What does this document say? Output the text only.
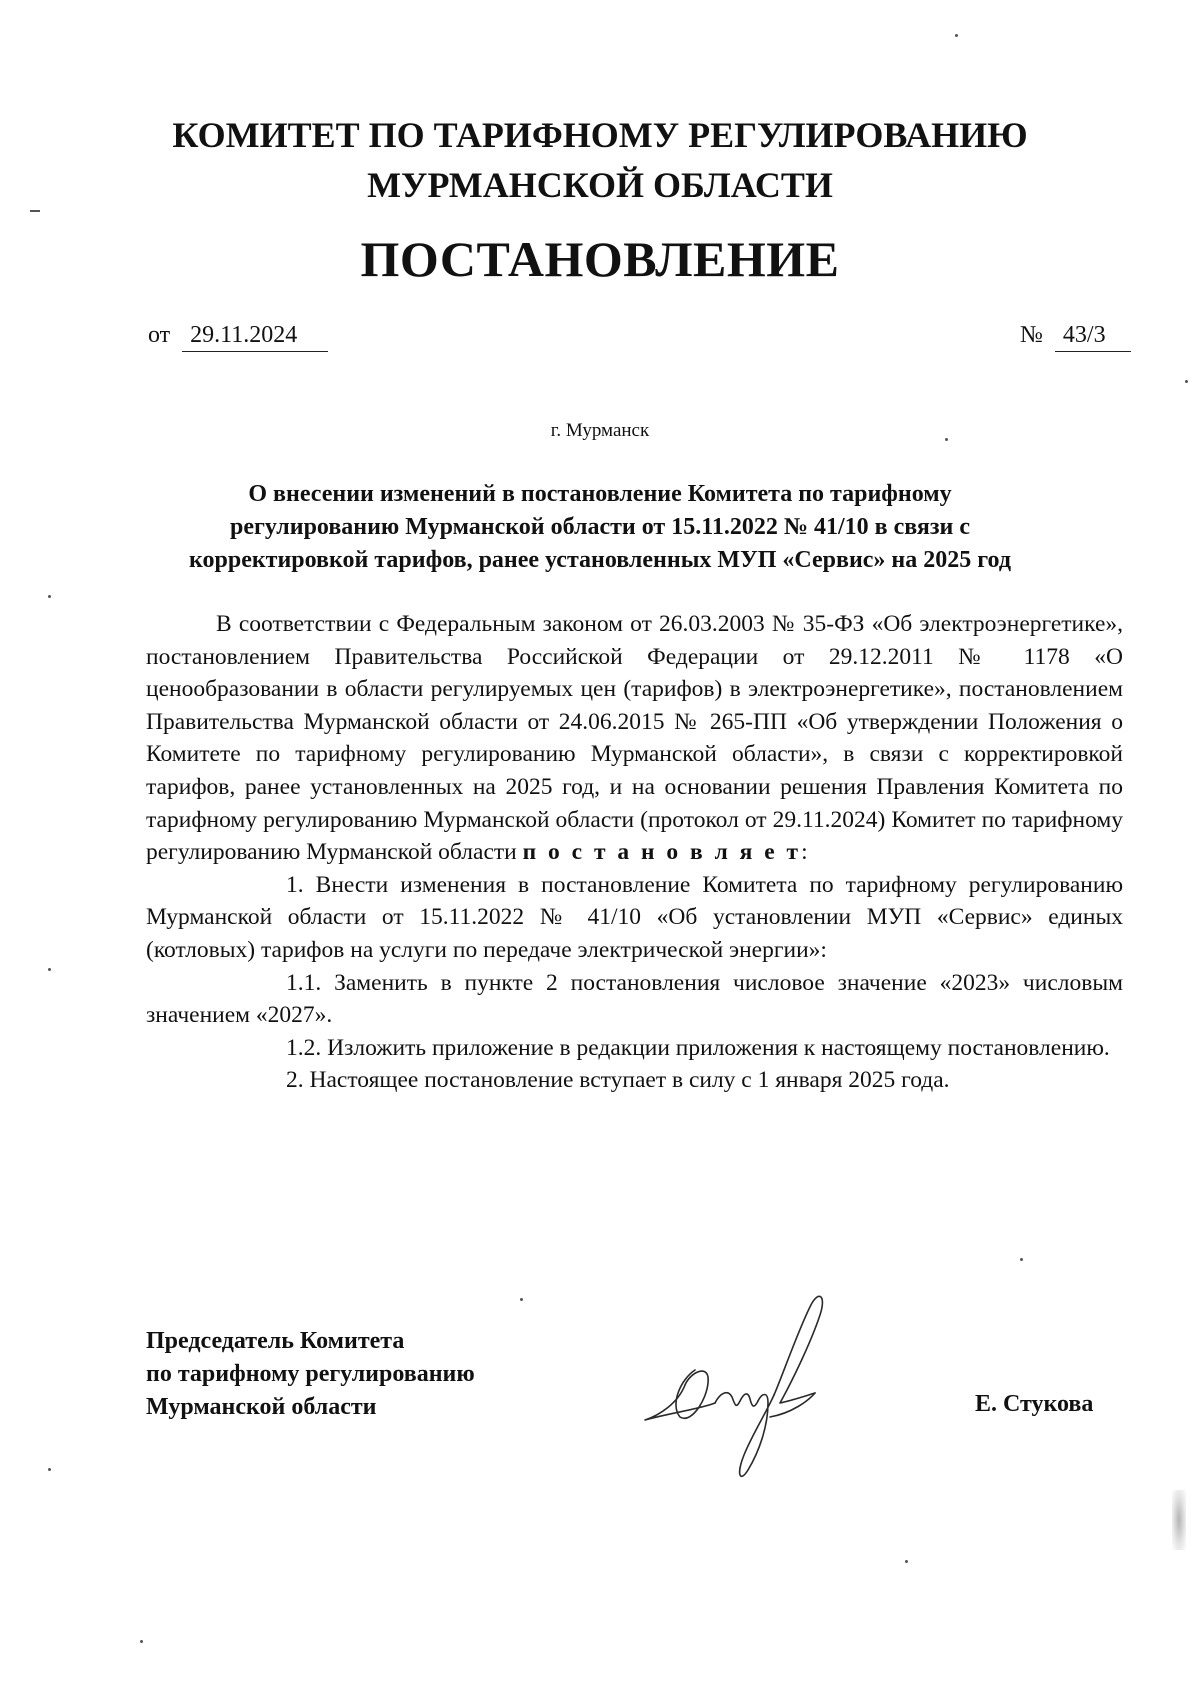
КОМИТЕТ ПО ТАРИФНОМУ РЕГУЛИРОВАНИЮ
МУРМАНСКОЙ ОБЛАСТИ
ПОСТАНОВЛЕНИЕ
от 29.11.2024	№ 43/3
г. Мурманск
О внесении изменений в постановление Комитета по тарифному
регулированию Мурманской области от 15.11.2022 № 41/10 в связи с
корректировкой тарифов, ранее установленных МУП «Сервис» на 2025 год

В соответствии с Федеральным законом от 26.03.2003 № 35-ФЗ «Об электроэнергетике», постановлением Правительства Российской Федерации от 29.12.2011 № 1178 «О ценообразовании в области регулируемых цен (тарифов) в электроэнергетике», постановлением Правительства Мурманской области от 24.06.2015 № 265-ПП «Об утверждении Положения о Комитете по тарифному регулированию Мурманской области», в связи с корректировкой тарифов, ранее установленных на 2025 год, и на основании решения Правления Комитета по тарифному регулированию Мурманской области (протокол от 29.11.2024) Комитет по тарифному регулированию Мурманской области п о с т а н о в л я е т:

1. Внести изменения в постановление Комитета по тарифному регулированию Мурманской области от 15.11.2022 № 41/10 «Об установлении МУП «Сервис» единых (котловых) тарифов на услуги по передаче электрической энергии»:

1.1. Заменить в пункте 2 постановления числовое значение «2023» числовым значением «2027».

1.2. Изложить приложение в редакции приложения к настоящему постановлению.

2. Настоящее постановление вступает в силу с 1 января 2025 года.

Председатель Комитета
по тарифному регулированию
Мурманской области	Е. Стукова
